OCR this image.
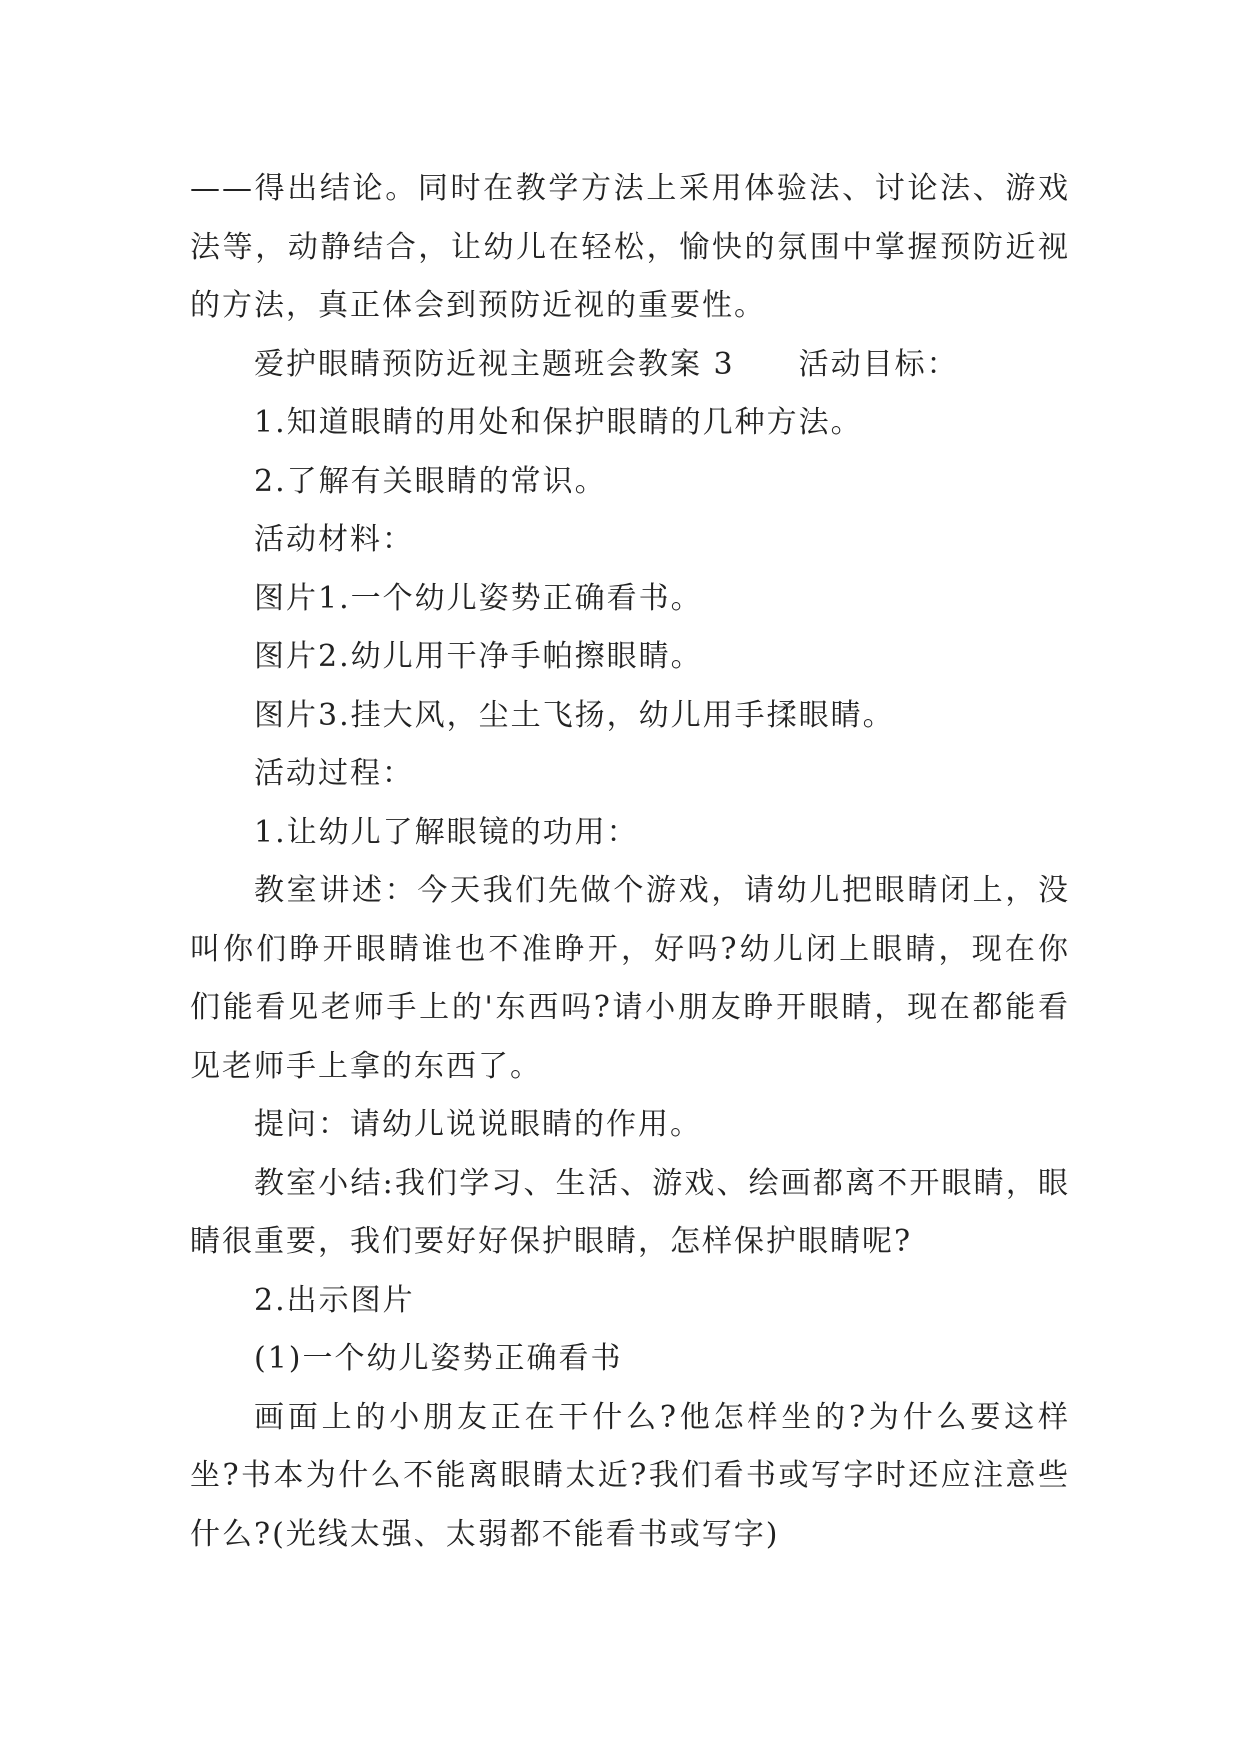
——得出结论。同时在教学方法上采用体验法、讨论法、游戏法等，动静结合，让幼儿在轻松，愉快的氛围中掌握预防近视的方法，真正体会到预防近视的重要性。

爱护眼睛预防近视主题班会教案 3　　活动目标：

1.知道眼睛的用处和保护眼睛的几种方法。

2.了解有关眼睛的常识。

活动材料：

图片1.一个幼儿姿势正确看书。

图片2.幼儿用干净手帕擦眼睛。

图片3.挂大风，尘土飞扬，幼儿用手揉眼睛。

活动过程：

1.让幼儿了解眼镜的功用：

教室讲述：今天我们先做个游戏，请幼儿把眼睛闭上，没叫你们睁开眼睛谁也不准睁开，好吗?幼儿闭上眼睛，现在你们能看见老师手上的'东西吗?请小朋友睁开眼睛，现在都能看见老师手上拿的东西了。

提问：请幼儿说说眼睛的作用。

教室小结:我们学习、生活、游戏、绘画都离不开眼睛，眼睛很重要，我们要好好保护眼睛，怎样保护眼睛呢?

2.出示图片

(1)一个幼儿姿势正确看书

画面上的小朋友正在干什么?他怎样坐的?为什么要这样坐?书本为什么不能离眼睛太近?我们看书或写字时还应注意些什么?(光线太强、太弱都不能看书或写字)
